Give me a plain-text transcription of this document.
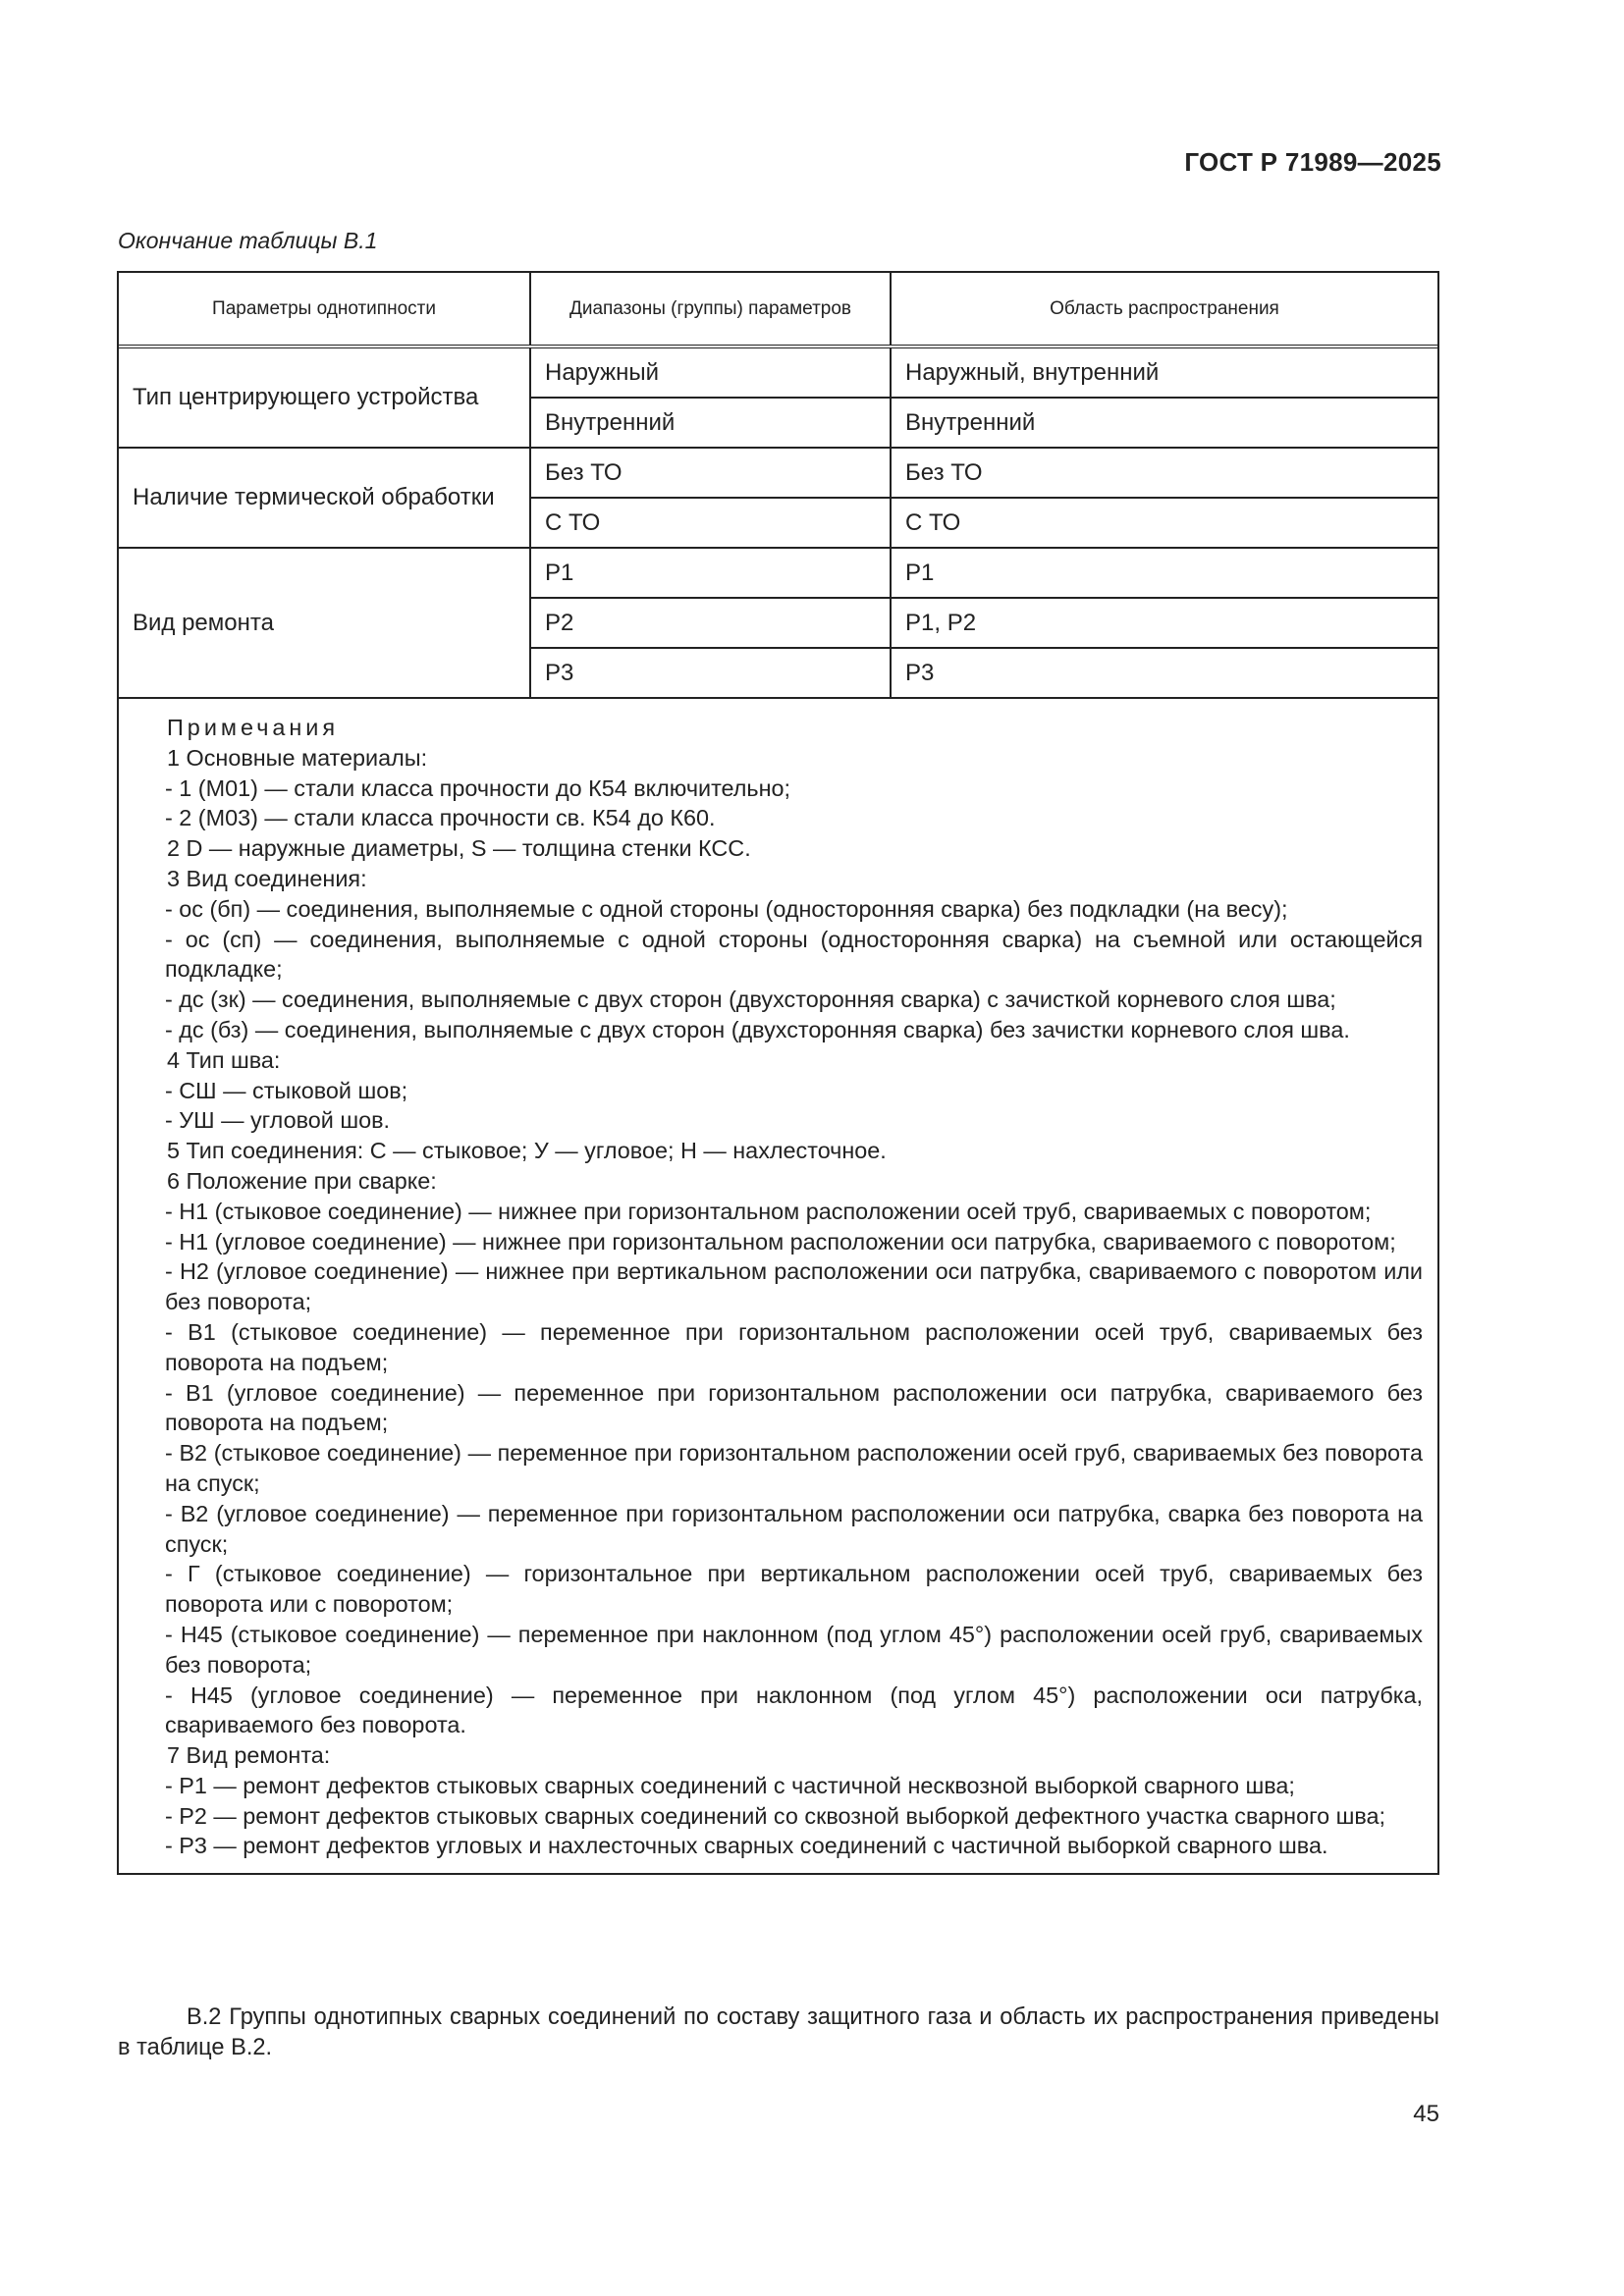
ГОСТ Р 71989—2025
Окончание таблицы В.1
Параметры однотипности	Диапазоны (группы) параметров	Область распространения
Тип центрирующего устройства
Наружный	Наружный, внутренний
Внутренний	Внутренний
Наличие термической обработки
Без ТО	Без ТО
С ТО	С ТО
Вид ремонта
Р1	Р1
Р2	Р1, Р2
Р3	Р3

Примечания

1 Основные материалы:

- 1 (М01) — стали класса прочности до К54 включительно;

- 2 (М03) — стали класса прочности св. К54 до К60.

2 D — наружные диаметры, S — толщина стенки КСС.

3 Вид соединения:

- ос (бп) — соединения, выполняемые с одной стороны (односторонняя сварка) без подкладки (на весу);

- ос (сп) — соединения, выполняемые с одной стороны (односторонняя сварка) на съемной или остающейся подкладке;

- дс (зк) — соединения, выполняемые с двух сторон (двухсторонняя сварка) с зачисткой корневого слоя шва;

- дс (бз) — соединения, выполняемые с двух сторон (двухсторонняя сварка) без зачистки корневого слоя шва.

4 Тип шва:

- СШ — стыковой шов;

- УШ — угловой шов.

5 Тип соединения: С — стыковое; У — угловое; Н — нахлесточное.

6 Положение при сварке:

- Н1 (стыковое соединение) — нижнее при горизонтальном расположении осей труб, свариваемых с поворотом;

- Н1 (угловое соединение) — нижнее при горизонтальном расположении оси патрубка, свариваемого с поворотом;

- Н2 (угловое соединение) — нижнее при вертикальном расположении оси патрубка, свариваемого с поворотом или без поворота;

- В1 (стыковое соединение) — переменное при горизонтальном расположении осей труб, свариваемых без поворота на подъем;

- В1 (угловое соединение) — переменное при горизонтальном расположении оси патрубка, свариваемого без поворота на подъем;

- В2 (стыковое соединение) — переменное при горизонтальном расположении осей груб, свариваемых без поворота на спуск;

- В2 (угловое соединение) — переменное при горизонтальном расположении оси патрубка, сварка без поворота на спуск;

- Г (стыковое соединение) — горизонтальное при вертикальном расположении осей труб, свариваемых без поворота или с поворотом;

- Н45 (стыковое соединение) — переменное при наклонном (под углом 45°) расположении осей груб, свариваемых без поворота;

- Н45 (угловое соединение) — переменное при наклонном (под углом 45°) расположении оси патрубка, свариваемого без поворота.

7 Вид ремонта:

- Р1 — ремонт дефектов стыковых сварных соединений с частичной несквозной выборкой сварного шва;

- Р2 — ремонт дефектов стыковых сварных соединений со сквозной выборкой дефектного участка сварного шва;

- Р3 — ремонт дефектов угловых и нахлесточных сварных соединений с частичной выборкой сварного шва.

В.2 Группы однотипных сварных соединений по составу защитного газа и область их распространения приведены в таблице В.2.

45
